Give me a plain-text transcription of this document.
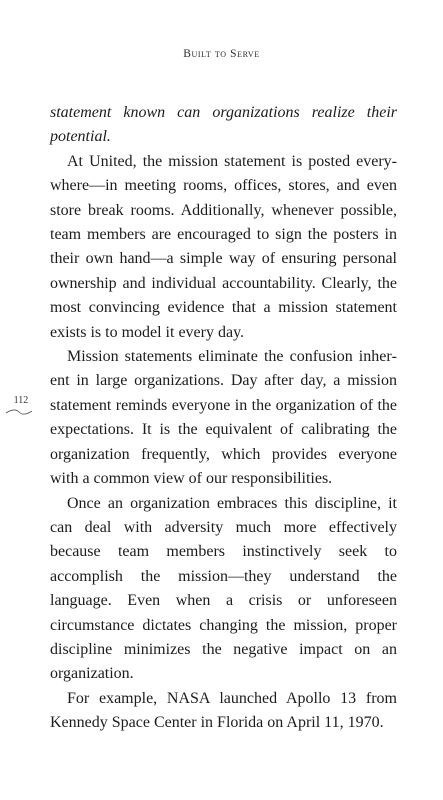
Built to Serve
112

statement known can organizations realize their potential.

At United, the mission statement is posted everywhere—in meeting rooms, offices, stores, and even store break rooms. Additionally, whenever possible, team members are encouraged to sign the posters in their own hand—a simple way of ensuring personal ownership and individual accountability. Clearly, the most convincing evidence that a mission statement exists is to model it every day.

Mission statements eliminate the confusion inherent in large organizations. Day after day, a mission statement reminds everyone in the organization of the expectations. It is the equivalent of calibrating the organization frequently, which provides everyone with a common view of our responsibilities.

Once an organization embraces this discipline, it can deal with adversity much more effectively because team members instinctively seek to accomplish the mission—they understand the language. Even when a crisis or unforeseen circumstance dictates changing the mission, proper discipline minimizes the negative impact on an organization.

For example, NASA launched Apollo 13 from Kennedy Space Center in Florida on April 11, 1970.
